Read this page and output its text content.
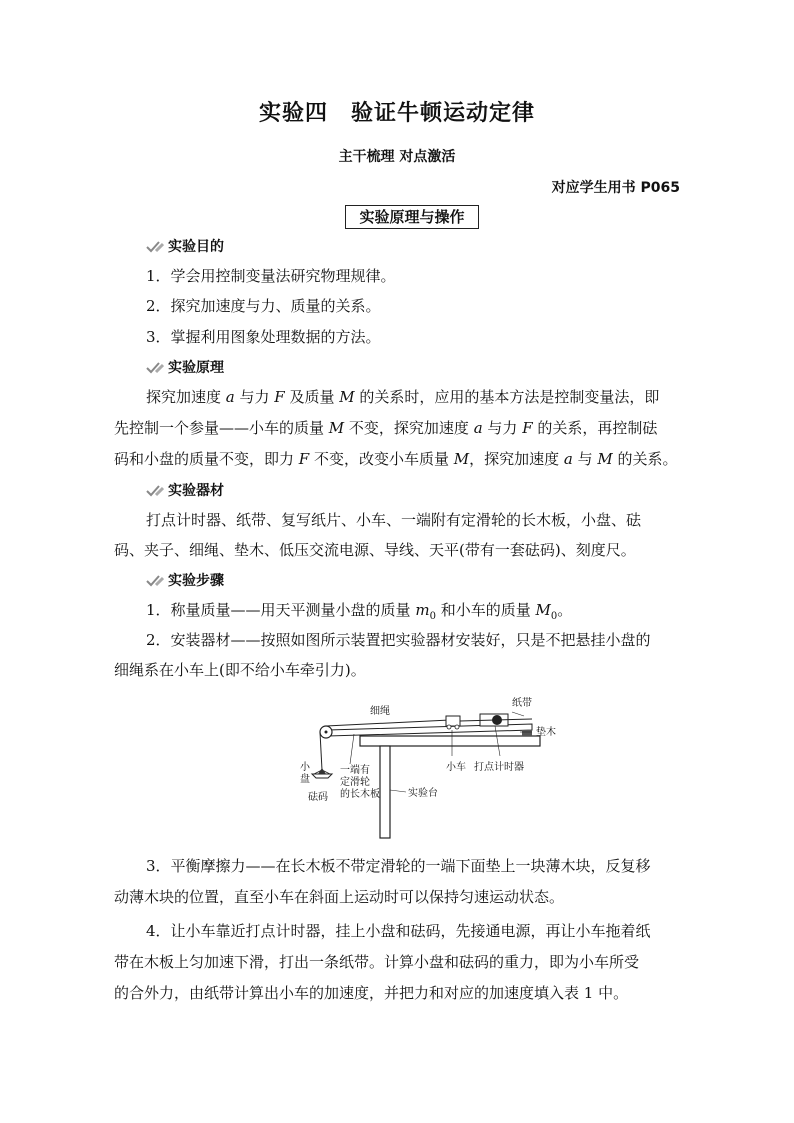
实验四　验证牛顿运动定律
主干梳理 对点激活
对应学生用书 P065
实验原理与操作
实验目的
1．学会用控制变量法研究物理规律。
2．探究加速度与力、质量的关系。
3．掌握利用图象处理数据的方法。
实验原理
探究加速度 a 与力 F 及质量 M 的关系时，应用的基本方法是控制变量法，即
先控制一个参量——小车的质量 M 不变，探究加速度 a 与力 F 的关系，再控制砝
码和小盘的质量不变，即力 F 不变，改变小车质量 M，探究加速度 a 与 M 的关系。
实验器材
打点计时器、纸带、复写纸片、小车、一端附有定滑轮的长木板，小盘、砝
码、夹子、细绳、垫木、低压交流电源、导线、天平(带有一套砝码)、刻度尺。
实验步骤
1．称量质量——用天平测量小盘的质量 $m_0$ 和小车的质量 $M_0$。
2．安装器材——按照如图所示装置把实验器材安装好，只是不把悬挂小盘的
细绳系在小车上(即不给小车牵引力)。
细绳
纸带
垫木
小车 打点计时器
小
盘
砝码
一端有
定滑轮
的长木板	实验台
3．平衡摩擦力——在长木板不带定滑轮的一端下面垫上一块薄木块，反复移
动薄木块的位置，直至小车在斜面上运动时可以保持匀速运动状态。
4．让小车靠近打点计时器，挂上小盘和砝码，先接通电源，再让小车拖着纸
带在木板上匀加速下滑，打出一条纸带。计算小盘和砝码的重力，即为小车所受
的合外力，由纸带计算出小车的加速度，并把力和对应的加速度填入表 1 中。
